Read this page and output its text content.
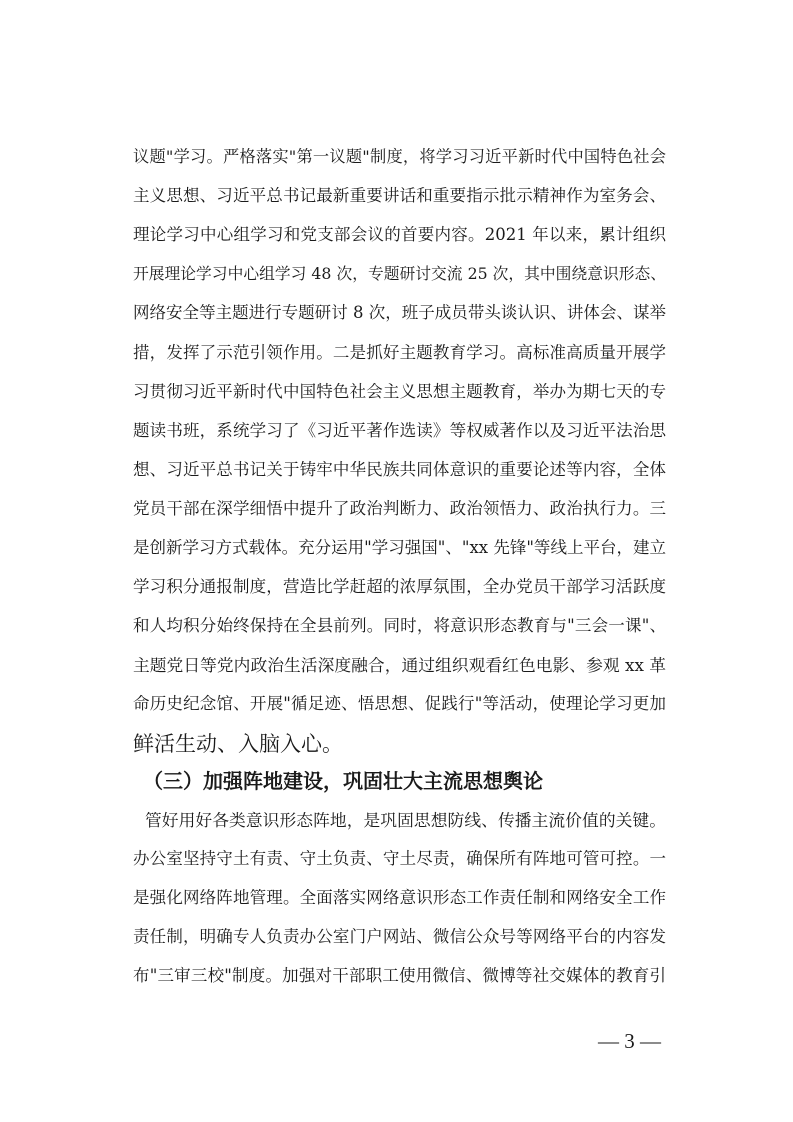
议题"学习。严格落实"第一议题"制度，将学习习近平新时代中国特色社会
主义思想、习近平总书记最新重要讲话和重要指示批示精神作为室务会、
理论学习中心组学习和党支部会议的首要内容。2021 年以来，累计组织
开展理论学习中心组学习 48 次，专题研讨交流 25 次，其中围绕意识形态、
网络安全等主题进行专题研讨 8 次，班子成员带头谈认识、讲体会、谋举
措，发挥了示范引领作用。二是抓好主题教育学习。高标准高质量开展学
习贯彻习近平新时代中国特色社会主义思想主题教育，举办为期七天的专
题读书班，系统学习了《习近平著作选读》等权威著作以及习近平法治思
想、习近平总书记关于铸牢中华民族共同体意识的重要论述等内容，全体
党员干部在深学细悟中提升了政治判断力、政治领悟力、政治执行力。三
是创新学习方式载体。充分运用"学习强国"、"xx 先锋"等线上平台，建立
学习积分通报制度，营造比学赶超的浓厚氛围，全办党员干部学习活跃度
和人均积分始终保持在全县前列。同时，将意识形态教育与"三会一课"、
主题党日等党内政治生活深度融合，通过组织观看红色电影、参观 xx 革
命历史纪念馆、开展"循足迹、悟思想、促践行"等活动，使理论学习更加
鲜活生动、入脑入心。
（三）加强阵地建设，巩固壮大主流思想舆论
管好用好各类意识形态阵地，是巩固思想防线、传播主流价值的关键。
办公室坚持守土有责、守土负责、守土尽责，确保所有阵地可管可控。一
是强化网络阵地管理。全面落实网络意识形态工作责任制和网络安全工作
责任制，明确专人负责办公室门户网站、微信公众号等网络平台的内容发
布"三审三校"制度。加强对干部职工使用微信、微博等社交媒体的教育引
— 3 —
